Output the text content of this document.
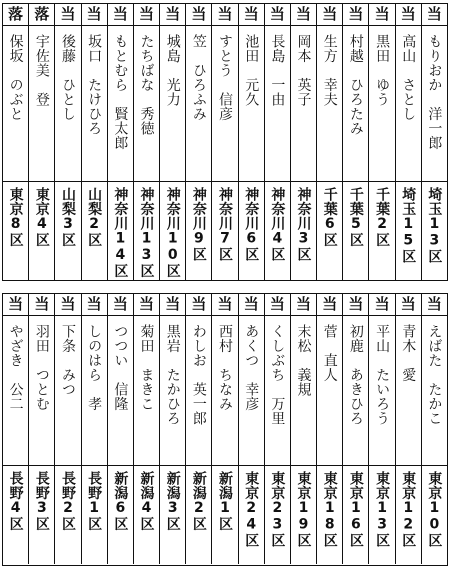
当
当
当
当
当
当
当
当
当
当
当
当
当
当
当
落
落
もりおか　洋一郎
高山　さとし
黒田　ゆう
村越　ひろたみ
生方　幸夫
岡本　英子
長島　一由
池田　元久
すとう　信彦
笠　ひろふみ
城島　光力
たちばな　秀徳
もとむら　賢太郎
坂口　たけひろ
後藤　ひとし
宇佐美　登
保坂　のぶと
埼玉13区
埼玉15区
千葉2区
千葉5区
千葉6区
神奈川3区
神奈川4区
神奈川6区
神奈川7区
神奈川9区
神奈川10区
神奈川13区
神奈川14区
山梨2区
山梨3区
東京4区
東京8区
当
当
当
当
当
当
当
当
当
当
当
当
当
当
当
当
当
えばた　たかこ
青木　愛
平山　たいろう
初鹿　あきひろ
菅　直人
末松　義規
くしぶち　万里
あくつ　幸彦
西村　ちなみ
わしお　英一郎
黒岩　たかひろ
菊田　まきこ
つつい　信隆
しのはら　孝
下条　みつ
羽田　つとむ
やざき　公二
東京10区
東京12区
東京13区
東京16区
東京18区
東京19区
東京23区
東京24区
新潟1区
新潟2区
新潟3区
新潟4区
新潟6区
長野1区
長野2区
長野3区
長野4区
